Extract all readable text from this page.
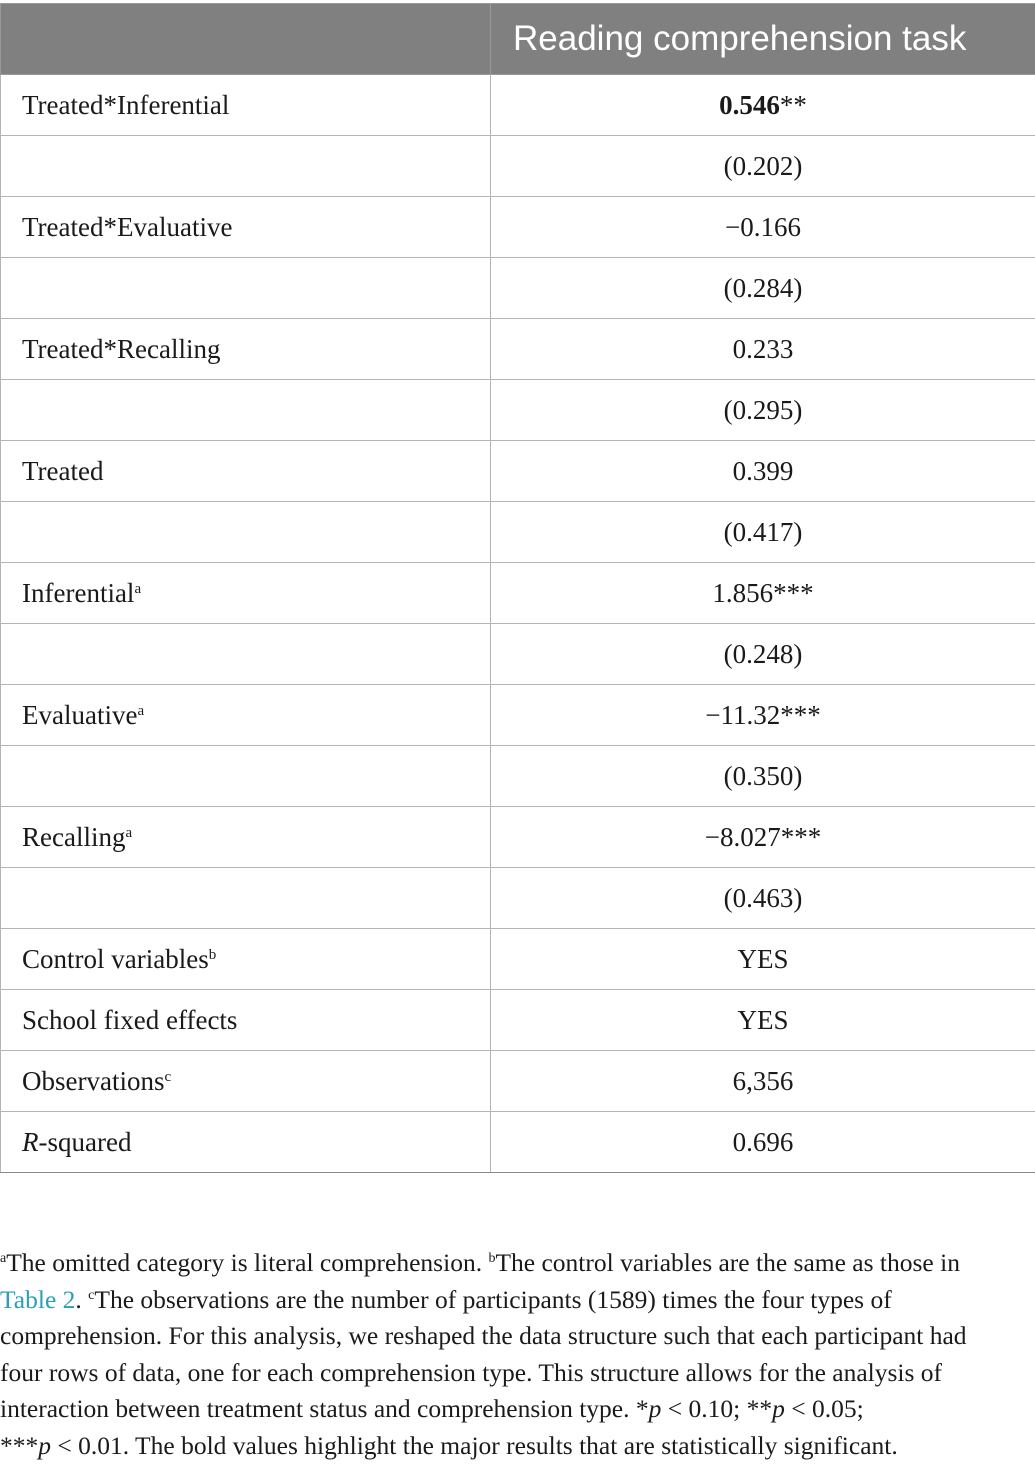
	Reading comprehension task
Treated*Inferential	0.546**
	(0.202)
Treated*Evaluative	−0.166
	(0.284)
Treated*Recalling	0.233
	(0.295)
Treated	0.399
	(0.417)
Inferential$^a$	1.856***
	(0.248)
Evaluative$^a$	−11.32***
	(0.350)
Recalling$^a$	−8.027***
	(0.463)
Control variables$^b$	YES
School fixed effects	YES
Observations$^c$	6,356
R-squared	0.696
$^a$The omitted category is literal comprehension. $^b$The control variables are the same as those in
Table 2. $^c$The observations are the number of participants (1589) times the four types of
comprehension. For this analysis, we reshaped the data structure such that each participant had
four rows of data, one for each comprehension type. This structure allows for the analysis of
interaction between treatment status and comprehension type. *p < 0.10; **p < 0.05;
***p < 0.01. The bold values highlight the major results that are statistically significant.
